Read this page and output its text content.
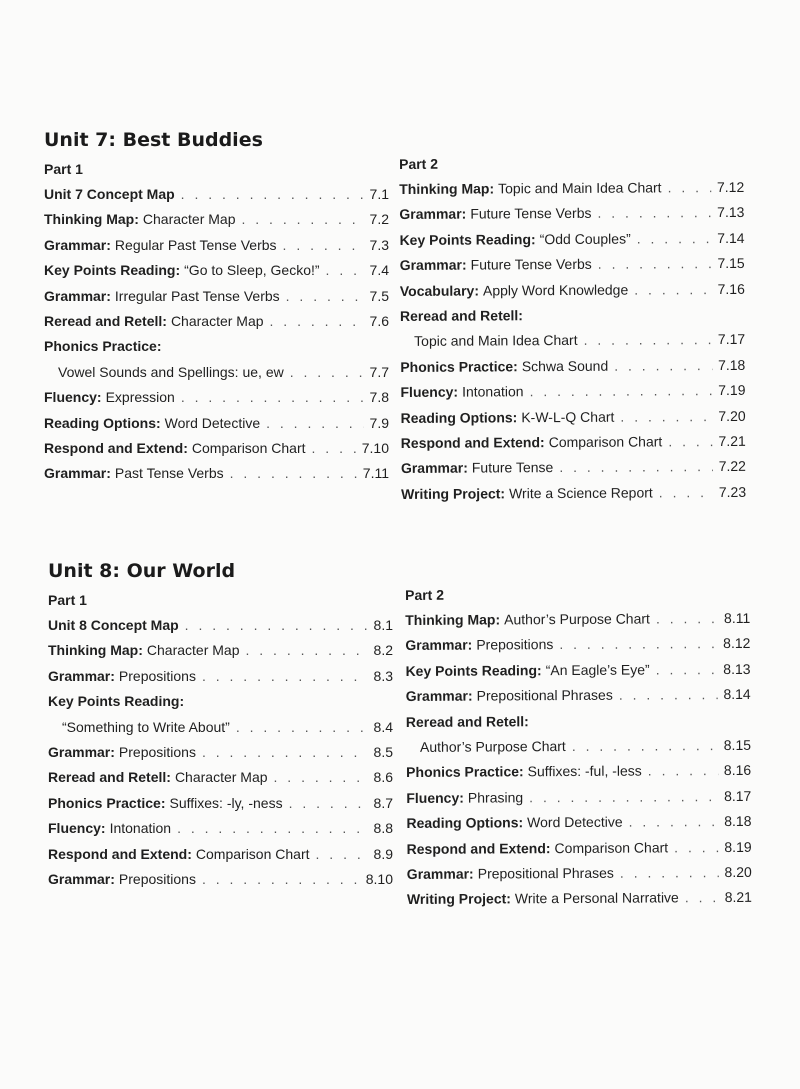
Unit 7: Best Buddies
Part 1
Unit 7 Concept Map . . .	7.1
Thinking Map: Character Map . . .	7.2
Grammar: Regular Past Tense Verbs . . .	7.3
Key Points Reading: “Go to Sleep, Gecko!” . . .	7.4
Grammar: Irregular Past Tense Verbs . . .	7.5
Reread and Retell: Character Map . . .	7.6
Phonics Practice:
Vowel Sounds and Spellings: ue, ew . . .	7.7
Fluency: Expression . . .	7.8
Reading Options: Word Detective . . .	7.9
Respond and Extend: Comparison Chart . . .	7.10
Grammar: Past Tense Verbs . . .	7.11
Part 2
Thinking Map: Topic and Main Idea Chart . . .	7.12
Grammar: Future Tense Verbs . . .	7.13
Key Points Reading: “Odd Couples” . . .	7.14
Grammar: Future Tense Verbs . . .	7.15
Vocabulary: Apply Word Knowledge . . .	7.16
Reread and Retell:
Topic and Main Idea Chart . . .	7.17
Phonics Practice: Schwa Sound . . .	7.18
Fluency: Intonation . . .	7.19
Reading Options: K-W-L-Q Chart . . .	7.20
Respond and Extend: Comparison Chart . . .	7.21
Grammar: Future Tense . . .	7.22
Writing Project: Write a Science Report . . .	7.23
Unit 8: Our World
Part 1
Unit 8 Concept Map . . .	8.1
Thinking Map: Character Map . . .	8.2
Grammar: Prepositions . . .	8.3
Key Points Reading:
“Something to Write About” . . .	8.4
Grammar: Prepositions . . .	8.5
Reread and Retell: Character Map . . .	8.6
Phonics Practice: Suffixes: -ly, -ness . . .	8.7
Fluency: Intonation . . .	8.8
Respond and Extend: Comparison Chart . . .	8.9
Grammar: Prepositions . . .	8.10
Part 2
Thinking Map: Author’s Purpose Chart . . .	8.11
Grammar: Prepositions . . .	8.12
Key Points Reading: “An Eagle’s Eye” . . .	8.13
Grammar: Prepositional Phrases . . .	8.14
Reread and Retell:
Author’s Purpose Chart . . .	8.15
Phonics Practice: Suffixes: -ful, -less . . .	8.16
Fluency: Phrasing . . .	8.17
Reading Options: Word Detective . . .	8.18
Respond and Extend: Comparison Chart . . .	8.19
Grammar: Prepositional Phrases . . .	8.20
Writing Project: Write a Personal Narrative . . .	8.21
